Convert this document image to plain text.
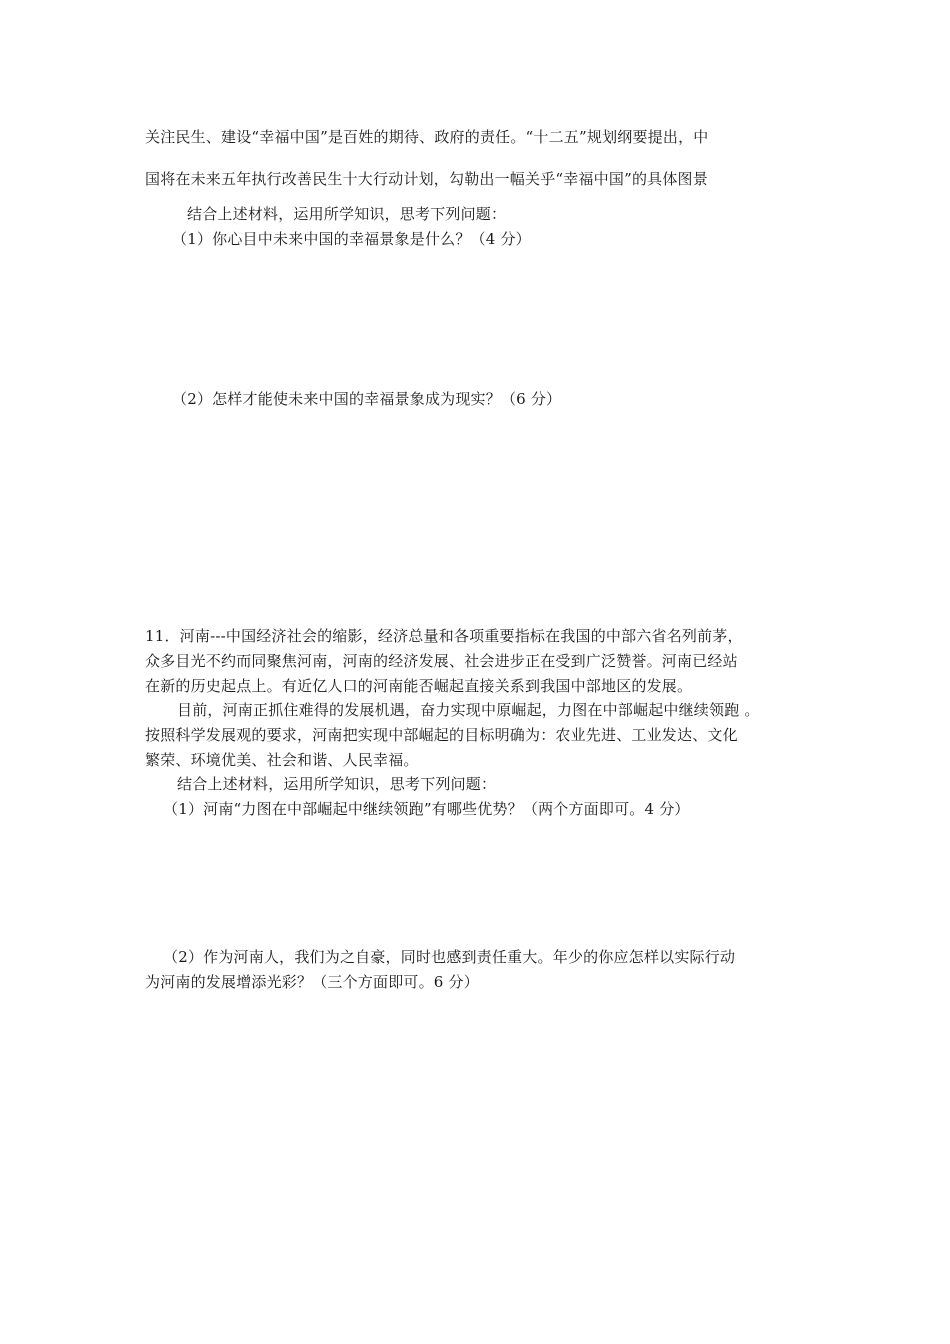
关注民生、建设“幸福中国”是百姓的期待、政府的责任。“十二五”规划纲要提出，中
国将在未来五年执行改善民生十大行动计划，勾勒出一幅关乎“幸福中国”的具体图景
结合上述材料，运用所学知识，思考下列问题：
（1）你心目中未来中国的幸福景象是什么？（4 分）
（2）怎样才能使未来中国的幸福景象成为现实？（6 分）
11．河南---中国经济社会的缩影，经济总量和各项重要指标在我国的中部六省名列前茅，
众多目光不约而同聚焦河南，河南的经济发展、社会进步正在受到广泛赞誉。河南已经站
在新的历史起点上。有近亿人口的河南能否崛起直接关系到我国中部地区的发展。
目前，河南正抓住难得的发展机遇，奋力实现中原崛起，力图在中部崛起中继续领跑 。
按照科学发展观的要求，河南把实现中部崛起的目标明确为：农业先进、工业发达、文化
繁荣、环境优美、社会和谐、人民幸福。
结合上述材料，运用所学知识，思考下列问题：
（1）河南“力图在中部崛起中继续领跑”有哪些优势？（两个方面即可。4 分）
（2）作为河南人，我们为之自豪，同时也感到责任重大。年少的你应怎样以实际行动
为河南的发展增添光彩？（三个方面即可。6 分）
